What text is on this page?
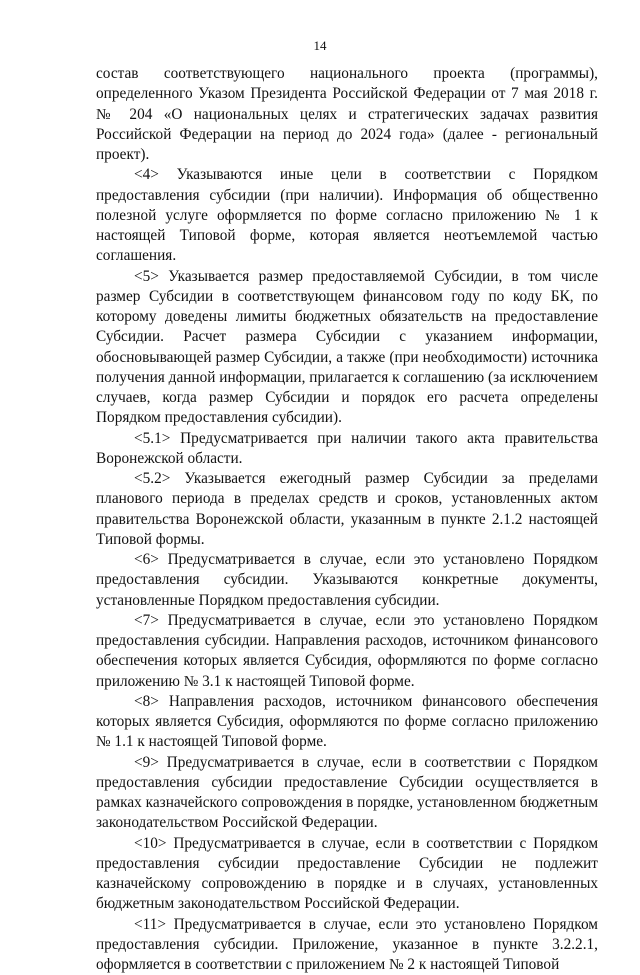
14

состав соответствующего национального проекта (программы), определенного Указом Президента Российской Федерации от 7 мая 2018 г. № 204 «О национальных целях и стратегических задачах развития Российской Федерации на период до 2024 года» (далее - региональный проект).

<4> Указываются иные цели в соответствии с Порядком предоставления субсидии (при наличии). Информация об общественно полезной услуге оформляется по форме согласно приложению № 1 к настоящей Типовой форме, которая является неотъемлемой частью соглашения.

<5> Указывается размер предоставляемой Субсидии, в том числе размер Субсидии в соответствующем финансовом году по коду БК, по которому доведены лимиты бюджетных обязательств на предоставление Субсидии. Расчет размера Субсидии с указанием информации, обосновывающей размер Субсидии, а также (при необходимости) источника получения данной информации, прилагается к соглашению (за исключением случаев, когда размер Субсидии и порядок его расчета определены Порядком предоставления субсидии).

<5.1> Предусматривается при наличии такого акта правительства Воронежской области.

<5.2> Указывается ежегодный размер Субсидии за пределами планового периода в пределах средств и сроков, установленных актом правительства Воронежской области, указанным в пункте 2.1.2 настоящей Типовой формы.

<6> Предусматривается в случае, если это установлено Порядком предоставления субсидии. Указываются конкретные документы, установленные Порядком предоставления субсидии.

<7> Предусматривается в случае, если это установлено Порядком предоставления субсидии. Направления расходов, источником финансового обеспечения которых является Субсидия, оформляются по форме согласно приложению № 3.1 к настоящей Типовой форме.

<8> Направления расходов, источником финансового обеспечения которых является Субсидия, оформляются по форме согласно приложению № 1.1 к настоящей Типовой форме.

<9> Предусматривается в случае, если в соответствии с Порядком предоставления субсидии предоставление Субсидии осуществляется в рамках казначейского сопровождения в порядке, установленном бюджетным законодательством Российской Федерации.

<10> Предусматривается в случае, если в соответствии с Порядком предоставления субсидии предоставление Субсидии не подлежит казначейскому сопровождению в порядке и в случаях, установленных бюджетным законодательством Российской Федерации.

<11> Предусматривается в случае, если это установлено Порядком предоставления субсидии. Приложение, указанное в пункте 3.2.2.1, оформляется в соответствии с приложением № 2 к настоящей Типовой
